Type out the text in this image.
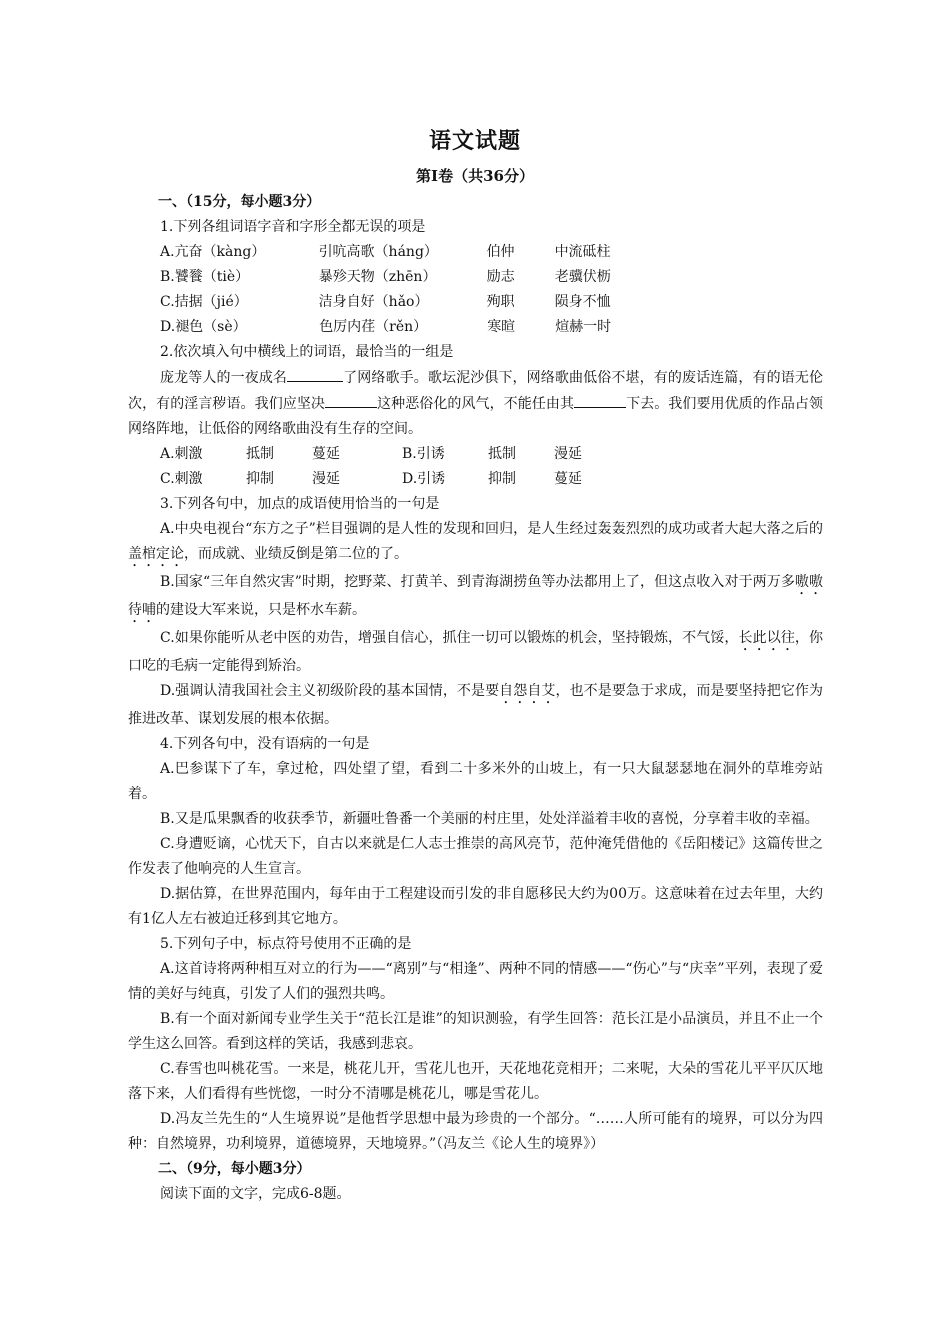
语文试题
第Ⅰ卷（共36分）
一、（15分，每小题3分）
1.下列各组词语字音和字形全都无误的项是
A.亢奋（kàng）	引吭高歌（háng）	伯仲	中流砥柱
B.饕餮（tiè）	暴殄天物（zhēn）	励志	老骥伏枥
C.拮据（jié）	洁身自好（hǎo）	殉职	陨身不恤
D.褪色（sè）	色厉内荏（rěn）	寒暄	煊赫一时
2.依次填入句中横线上的词语，最恰当的一组是
庞龙等人的一夜成名	了网络歌手。歌坛泥沙俱下，网络歌曲低俗不堪，有的废话连篇，有的语无伦次，有的淫言秽语。我们应坚决	这种恶俗化的风气，不能任由其	下去。我们要用优质的作品占领网络阵地，让低俗的网络歌曲没有生存的空间。
A.刺激	抵制	蔓延	B.引诱	抵制	漫延
C.刺激	抑制	漫延	D.引诱	抑制	蔓延
3.下列各句中，加点的成语使用恰当的一句是
A.中央电视台“东方之子”栏目强调的是人性的发现和回归，是人生经过轰轰烈烈的成功或者大起大落之后的盖棺定论，而成就、业绩反倒是第二位的了。
B.国家“三年自然灾害”时期，挖野菜、打黄羊、到青海湖捞鱼等办法都用上了，但这点收入对于两万多嗷嗷待哺的建设大军来说，只是杯水车薪。
C.如果你能听从老中医的劝告，增强自信心，抓住一切可以锻炼的机会，坚持锻炼，不气馁，长此以往，你口吃的毛病一定能得到矫治。
D.强调认清我国社会主义初级阶段的基本国情，不是要自怨自艾，也不是要急于求成，而是要坚持把它作为推进改革、谋划发展的根本依据。
4.下列各句中，没有语病的一句是
A.巴参谋下了车，拿过枪，四处望了望，看到二十多米外的山坡上，有一只大鼠瑟瑟地在洞外的草堆旁站着。
B.又是瓜果飘香的收获季节，新疆吐鲁番一个美丽的村庄里，处处洋溢着丰收的喜悦，分享着丰收的幸福。
C.身遭贬谪，心忧天下，自古以来就是仁人志士推崇的高风亮节，范仲淹凭借他的《岳阳楼记》这篇传世之作发表了他响亮的人生宣言。
D.据估算，在世界范围内，每年由于工程建设而引发的非自愿移民大约为00万。这意味着在过去年里，大约有1亿人左右被迫迁移到其它地方。
5.下列句子中，标点符号使用不正确的是
A.这首诗将两种相互对立的行为——“离别”与“相逢”、两种不同的情感——“伤心”与“庆幸”平列，表现了爱情的美好与纯真，引发了人们的强烈共鸣。
B.有一个面对新闻专业学生关于“范长江是谁”的知识测验，有学生回答：范长江是小品演员，并且不止一个学生这么回答。看到这样的笑话，我感到悲哀。
C.春雪也叫桃花雪。一来是，桃花儿开，雪花儿也开，天花地花竞相开；二来呢，大朵的雪花儿平平仄仄地落下来，人们看得有些恍惚，一时分不清哪是桃花儿，哪是雪花儿。
D.冯友兰先生的“人生境界说”是他哲学思想中最为珍贵的一个部分。“……人所可能有的境界，可以分为四种：自然境界，功利境界，道德境界，天地境界。”（冯友兰《论人生的境界》）
二、（9分，每小题3分）
阅读下面的文字，完成6-8题。
